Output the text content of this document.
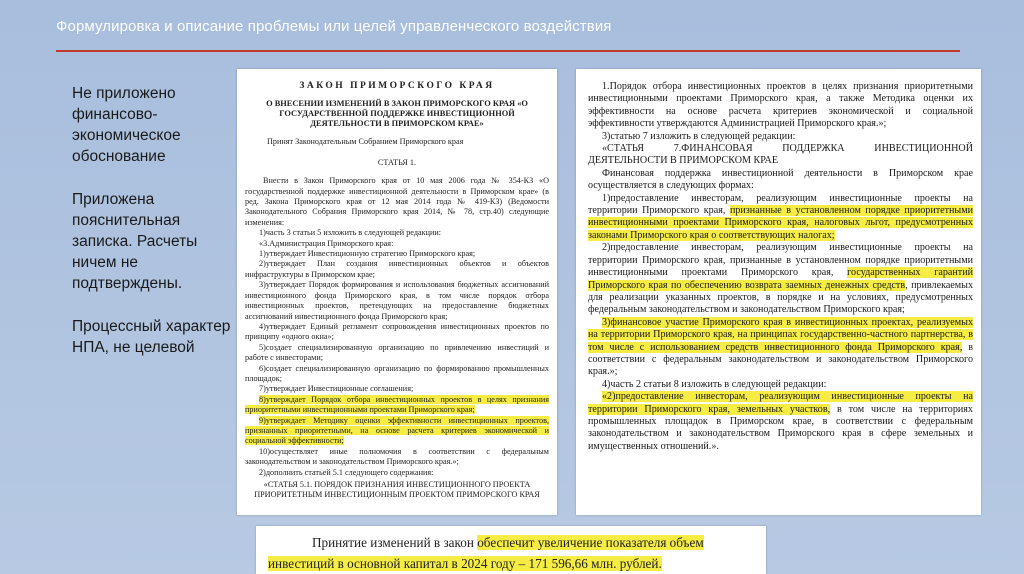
Формулировка и описание проблемы или целей управленческого воздействия

Не приложено финансово-экономическое обоснование

Приложена пояснительная записка. Расчеты ничем не подтверждены.

Процессный характер НПА, не целевой

ЗАКОН ПРИМОРСКОГО КРАЯ
О ВНЕСЕНИИ ИЗМЕНЕНИЙ В ЗАКОН ПРИМОРСКОГО КРАЯ «О ГОСУДАРСТВЕННОЙ ПОДДЕРЖКЕ ИНВЕСТИЦИОННОЙ ДЕЯТЕЛЬНОСТИ В ПРИМОРСКОМ КРАЕ»
Принят Законодательным Собранием Приморского края
СТАТЬЯ 1.
Внести в Закон Приморского края от 10 мая 2006 года № 354-КЗ «О государственной поддержке инвестиционной деятельности в Приморском крае» (в ред. Закона Приморского края от 12 мая 2014 года № 419-КЗ) (Ведомости Законодательного Собрания Приморского края 2014, № 78, стр.40) следующие изменения:
1)часть 3 статьи 5 изложить в следующей редакции:
«3.Администрация Приморского края:
1)утверждает Инвестиционную стратегию Приморского края;
2)утверждает План создания инвестиционных объектов и объектов инфраструктуры в Приморском крае;
3)утверждает Порядок формирования и использования бюджетных ассигнований инвестиционного фонда Приморского края, в том числе порядок отбора инвестиционных проектов, претендующих на предоставление бюджетных ассигнований инвестиционного фонда Приморского края;
4)утверждает Единый регламент сопровождения инвестиционных проектов по принципу «одного окна»;
5)создает специализированную организацию по привлечению инвестиций и работе с инвесторами;
6)создает специализированную организацию по формированию промышленных площадок;
7)утверждает Инвестиционные соглашения;
8)утверждает Порядок отбора инвестиционных проектов в целях признания приоритетными инвестиционными проектами Приморского края;
9)утверждает Методику оценки эффективности инвестиционных проектов, признанных приоритетными, на основе расчета критериев экономической и социальной эффективности;
10)осуществляет иные полномочия в соответствии с федеральным законодательством и законодательством Приморского края.»;
2)дополнить статьей 5.1 следующего содержания:
«СТАТЬЯ 5.1. ПОРЯДОК ПРИЗНАНИЯ ИНВЕСТИЦИОННОГО ПРОЕКТА ПРИОРИТЕТНЫМ ИНВЕСТИЦИОННЫМ ПРОЕКТОМ ПРИМОРСКОГО КРАЯ

1.Порядок отбора инвестиционных проектов в целях признания приоритетными инвестиционными проектами Приморского края, а также Методика оценки их эффективности на основе расчета критериев экономической и социальной эффективности утверждаются Администрацией Приморского края.»;

3)статью 7 изложить в следующей редакции:

«СТАТЬЯ 7.ФИНАНСОВАЯ ПОДДЕРЖКА ИНВЕСТИЦИОННОЙ ДЕЯТЕЛЬНОСТИ В ПРИМОРСКОМ КРАЕ

Финансовая поддержка инвестиционной деятельности в Приморском крае осуществляется в следующих формах:

1)предоставление инвесторам, реализующим инвестиционные проекты на территории Приморского края, признанные в установленном порядке приоритетными инвестиционными проектами Приморского края, налоговых льгот, предусмотренных законами Приморского края о соответствующих налогах;

2)предоставление инвесторам, реализующим инвестиционные проекты на территории Приморского края, признанные в установленном порядке приоритетными инвестиционными проектами Приморского края, государственных гарантий Приморского края по обеспечению возврата заемных денежных средств, привлекаемых для реализации указанных проектов, в порядке и на условиях, предусмотренных федеральным законодательством и законодательством Приморского края;

3)финансовое участие Приморского края в инвестиционных проектах, реализуемых на территории Приморского края, на принципах государственно-частного партнерства, в том числе с использованием средств инвестиционного фонда Приморского края, в соответствии с федеральным законодательством и законодательством Приморского края.»;

4)часть 2 статьи 8 изложить в следующей редакции:

«2)предоставление инвесторам, реализующим инвестиционные проекты на территории Приморского края, земельных участков, в том числе на территориях промышленных площадок в Приморском крае, в соответствии с федеральным законодательством и законодательством Приморского края в сфере земельных и имущественных отношений.».

Принятие изменений в закон обеспечит увеличение показателя объем
инвестиций в основной капитал в 2024 году – 171 596,66 млн. рублей.
